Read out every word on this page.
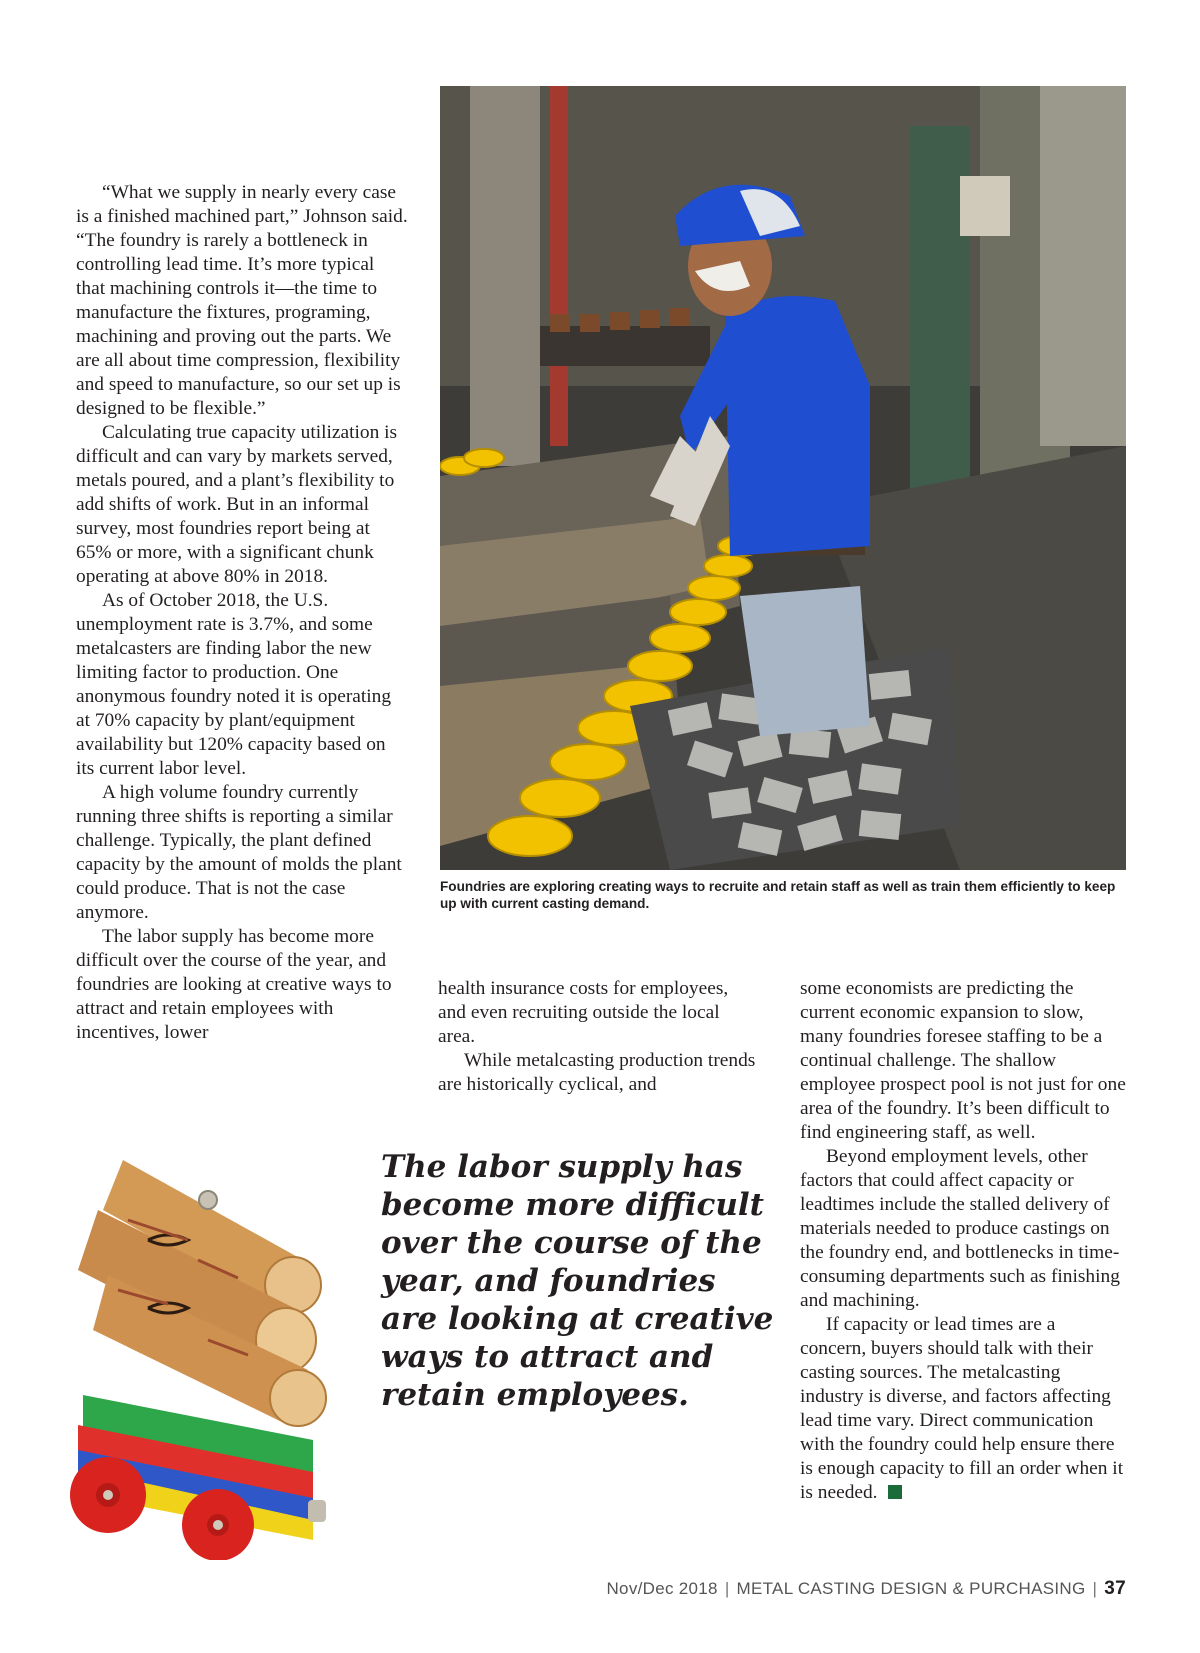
“What we supply in nearly every case is a finished machined part,” Johnson said. “The foundry is rarely a bottleneck in controlling lead time. It’s more typical that machining controls it—the time to manufacture the fixtures, programing, machining and proving out the parts. We are all about time compression, flexibility and speed to manufacture, so our set up is designed to be flexible.”

Calculating true capacity utilization is difficult and can vary by markets served, metals poured, and a plant’s flexibility to add shifts of work. But in an informal survey, most foundries report being at 65% or more, with a significant chunk operating at above 80% in 2018.

As of October 2018, the U.S. unemployment rate is 3.7%, and some metalcasters are finding labor the new limiting factor to production. One anonymous foundry noted it is operating at 70% capacity by plant/equipment availability but 120% capacity based on its current labor level.

A high volume foundry currently running three shifts is reporting a similar challenge. Typically, the plant defined capacity by the amount of molds the plant could produce. That is not the case anymore.

The labor supply has become more difficult over the course of the year, and foundries are looking at creative ways to attract and retain employees with incentives, lower

Foundries are exploring creating ways to recruite and retain staff as well as train them efficiently to keep up with current casting demand.

health insurance costs for employees, and even recruiting outside the local area.

While metalcasting production trends are historically cyclical, and

some economists are predicting the current economic expansion to slow, many foundries foresee staffing to be a continual challenge. The shallow employee prospect pool is not just for one area of the foundry. It’s been difficult to find engineering staff, as well.

Beyond employment levels, other factors that could affect capacity or leadtimes include the stalled delivery of materials needed to produce castings on the foundry end, and bottlenecks in time-consuming departments such as finishing and machining.

If capacity or lead times are a concern, buyers should talk with their casting sources. The metalcasting industry is diverse, and factors affecting lead time vary. Direct communication with the foundry could help ensure there is enough capacity to fill an order when it is needed.

The labor supply has become more difficult over the course of the year, and foundries are looking at creative ways to attract and retain employees.

Nov/Dec 2018 | METAL CASTING DESIGN & PURCHASING | 37
